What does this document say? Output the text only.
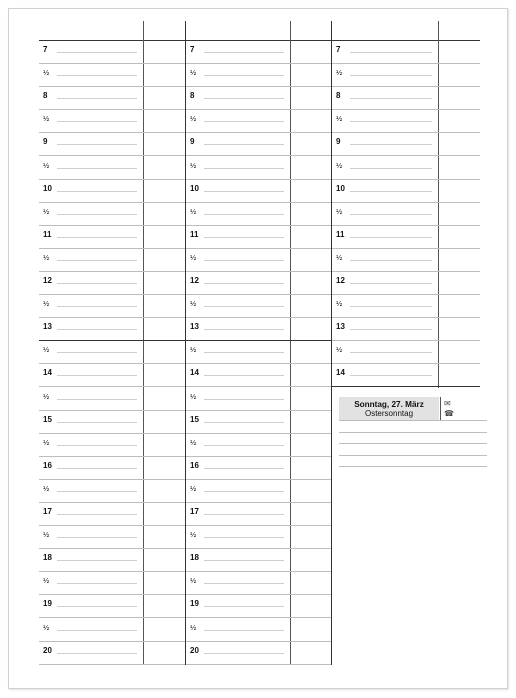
7
½
8
½
9
½
10
½
11
½
12
½
13
½
14
½
15
½
16
½
17
½
18
½
19
½
20
7
½
8
½
9
½
10
½
11
½
12
½
13
½
14
½
15
½
16
½
17
½
18
½
19
½
20
7
½
8
½
9
½
10
½
11
½
12
½
13
½
14
Sonntag, 27. März
Ostersonntag
✉
☎
